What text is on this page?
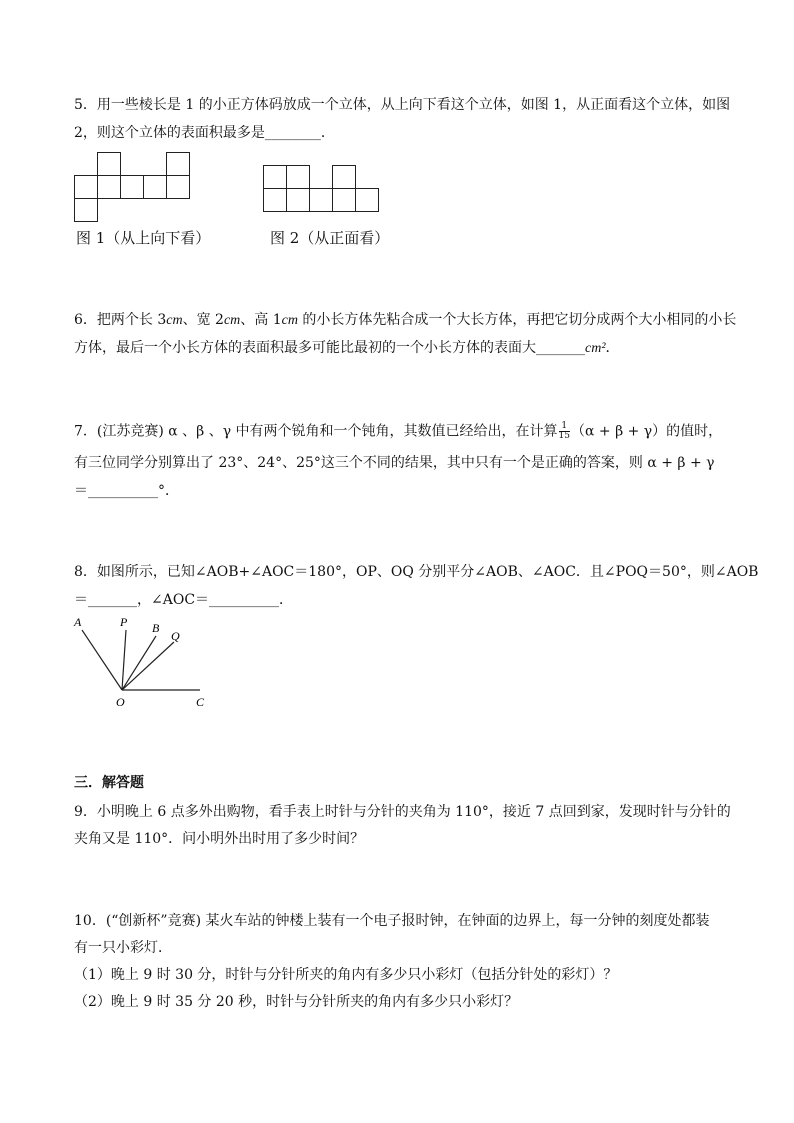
5．用一些棱长是 1 的小正方体码放成一个立体，从上向下看这个立体，如图 1，从正面看这个立体，如图
2，则这个立体的表面积最多是________．
图 1（从上向下看）	图 2（从正面看）
6．把两个长 3cm、宽 2cm、高 1cm 的小长方体先粘合成一个大长方体，再把它切分成两个大小相同的小长
方体，最后一个小长方体的表面积最多可能比最初的一个小长方体的表面大_______cm²．
7．(江苏竞赛) α 、β 、γ 中有两个锐角和一个钝角，其数值已经给出，在计算 $\frac{1}{15} (\alpha + \beta + \gamma)$的值时，
有三位同学分别算出了 23°、24°、25°这三个不同的结果，其中只有一个是正确的答案，则 α + β + γ
＝__________°．
8．如图所示，已知∠AOB+∠AOC＝180°，OP、OQ 分别平分∠AOB、∠AOC．且∠POQ＝50°，则∠AOB
＝_______，∠AOC＝__________．
A	P B
Q
O	C
三．解答题
9．小明晚上 6 点多外出购物，看手表上时针与分针的夹角为 110°，接近 7 点回到家，发现时针与分针的
夹角又是 110°．问小明外出时用了多少时间？
10．(“创新杯”竞赛) 某火车站的钟楼上装有一个电子报时钟，在钟面的边界上，每一分钟的刻度处都装
有一只小彩灯．
（1）晚上 9 时 30 分，时针与分针所夹的角内有多少只小彩灯（包括分针处的彩灯）？
（2）晚上 9 时 35 分 20 秒，时针与分针所夹的角内有多少只小彩灯？
